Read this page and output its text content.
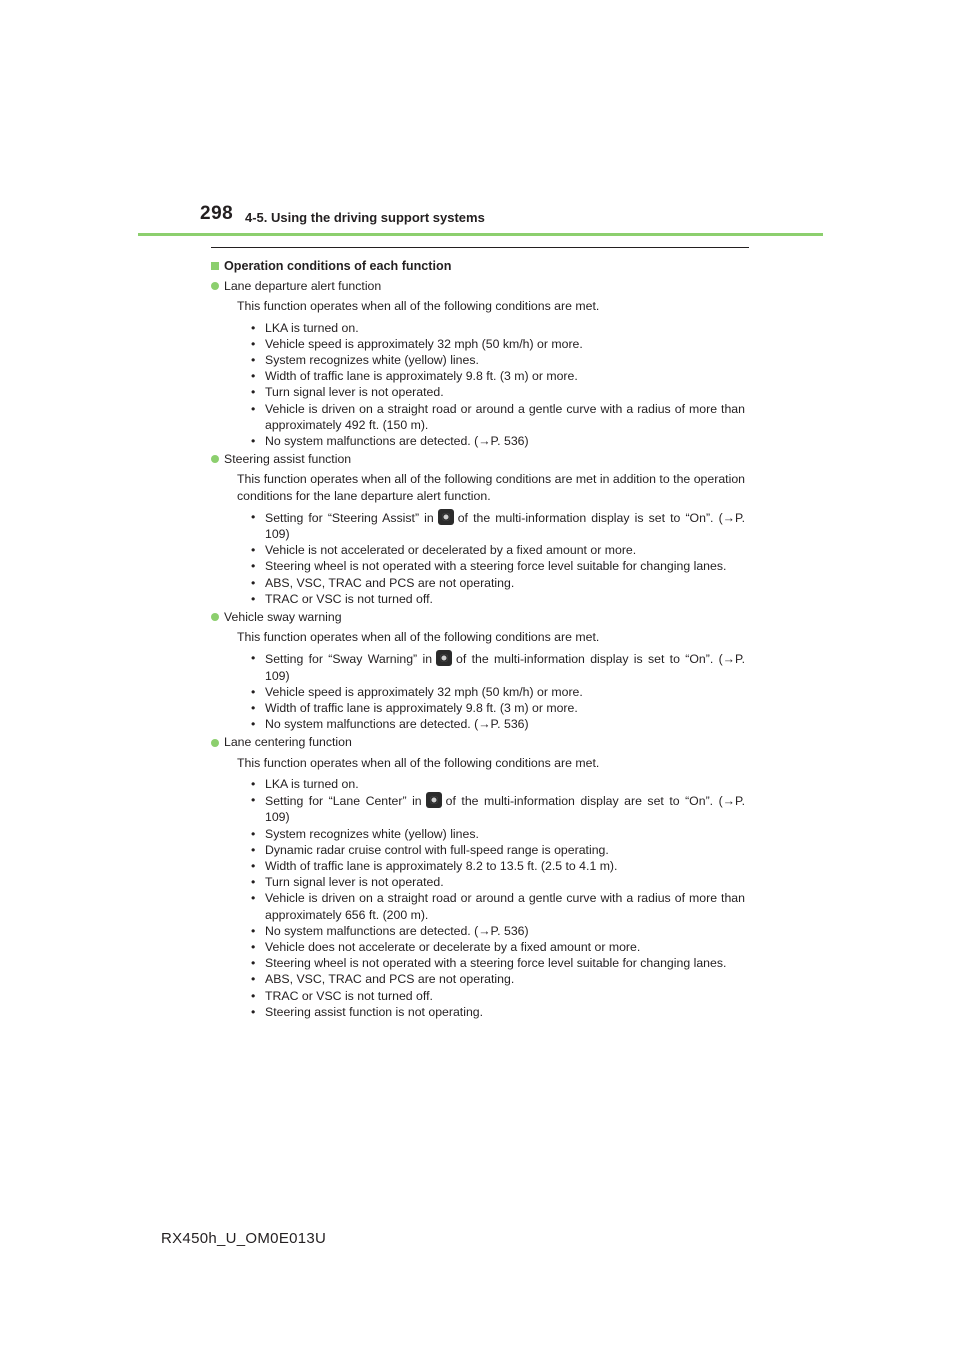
298 4-5. Using the driving support systems
Operation conditions of each function
Lane departure alert function
This function operates when all of the following conditions are met.
• LKA is turned on.
• Vehicle speed is approximately 32 mph (50 km/h) or more.
• System recognizes white (yellow) lines.
• Width of traffic lane is approximately 9.8 ft. (3 m) or more.
• Turn signal lever is not operated.
• Vehicle is driven on a straight road or around a gentle curve with a radius of more than approximately 492 ft. (150 m).
• No system malfunctions are detected. (→P. 536)
Steering assist function
This function operates when all of the following conditions are met in addition to the operation conditions for the lane departure alert function.
• Setting for “Steering Assist” in of the multi-information display is set to “On”. (→P. 109)
• Vehicle is not accelerated or decelerated by a fixed amount or more.
• Steering wheel is not operated with a steering force level suitable for changing lanes.
• ABS, VSC, TRAC and PCS are not operating.
• TRAC or VSC is not turned off.
Vehicle sway warning
This function operates when all of the following conditions are met.
• Setting for “Sway Warning” in of the multi-information display is set to “On”. (→P. 109)
• Vehicle speed is approximately 32 mph (50 km/h) or more.
• Width of traffic lane is approximately 9.8 ft. (3 m) or more.
• No system malfunctions are detected. (→P. 536)
Lane centering function
This function operates when all of the following conditions are met.
• LKA is turned on.
• Setting for “Lane Center” in of the multi-information display are set to “On”. (→P. 109)
• System recognizes white (yellow) lines.
• Dynamic radar cruise control with full-speed range is operating.
• Width of traffic lane is approximately 8.2 to 13.5 ft. (2.5 to 4.1 m).
• Turn signal lever is not operated.
• Vehicle is driven on a straight road or around a gentle curve with a radius of more than approximately 656 ft. (200 m).
• No system malfunctions are detected. (→P. 536)
• Vehicle does not accelerate or decelerate by a fixed amount or more.
• Steering wheel is not operated with a steering force level suitable for changing lanes.
• ABS, VSC, TRAC and PCS are not operating.
• TRAC or VSC is not turned off.
• Steering assist function is not operating.
RX450h_U_OM0E013U
